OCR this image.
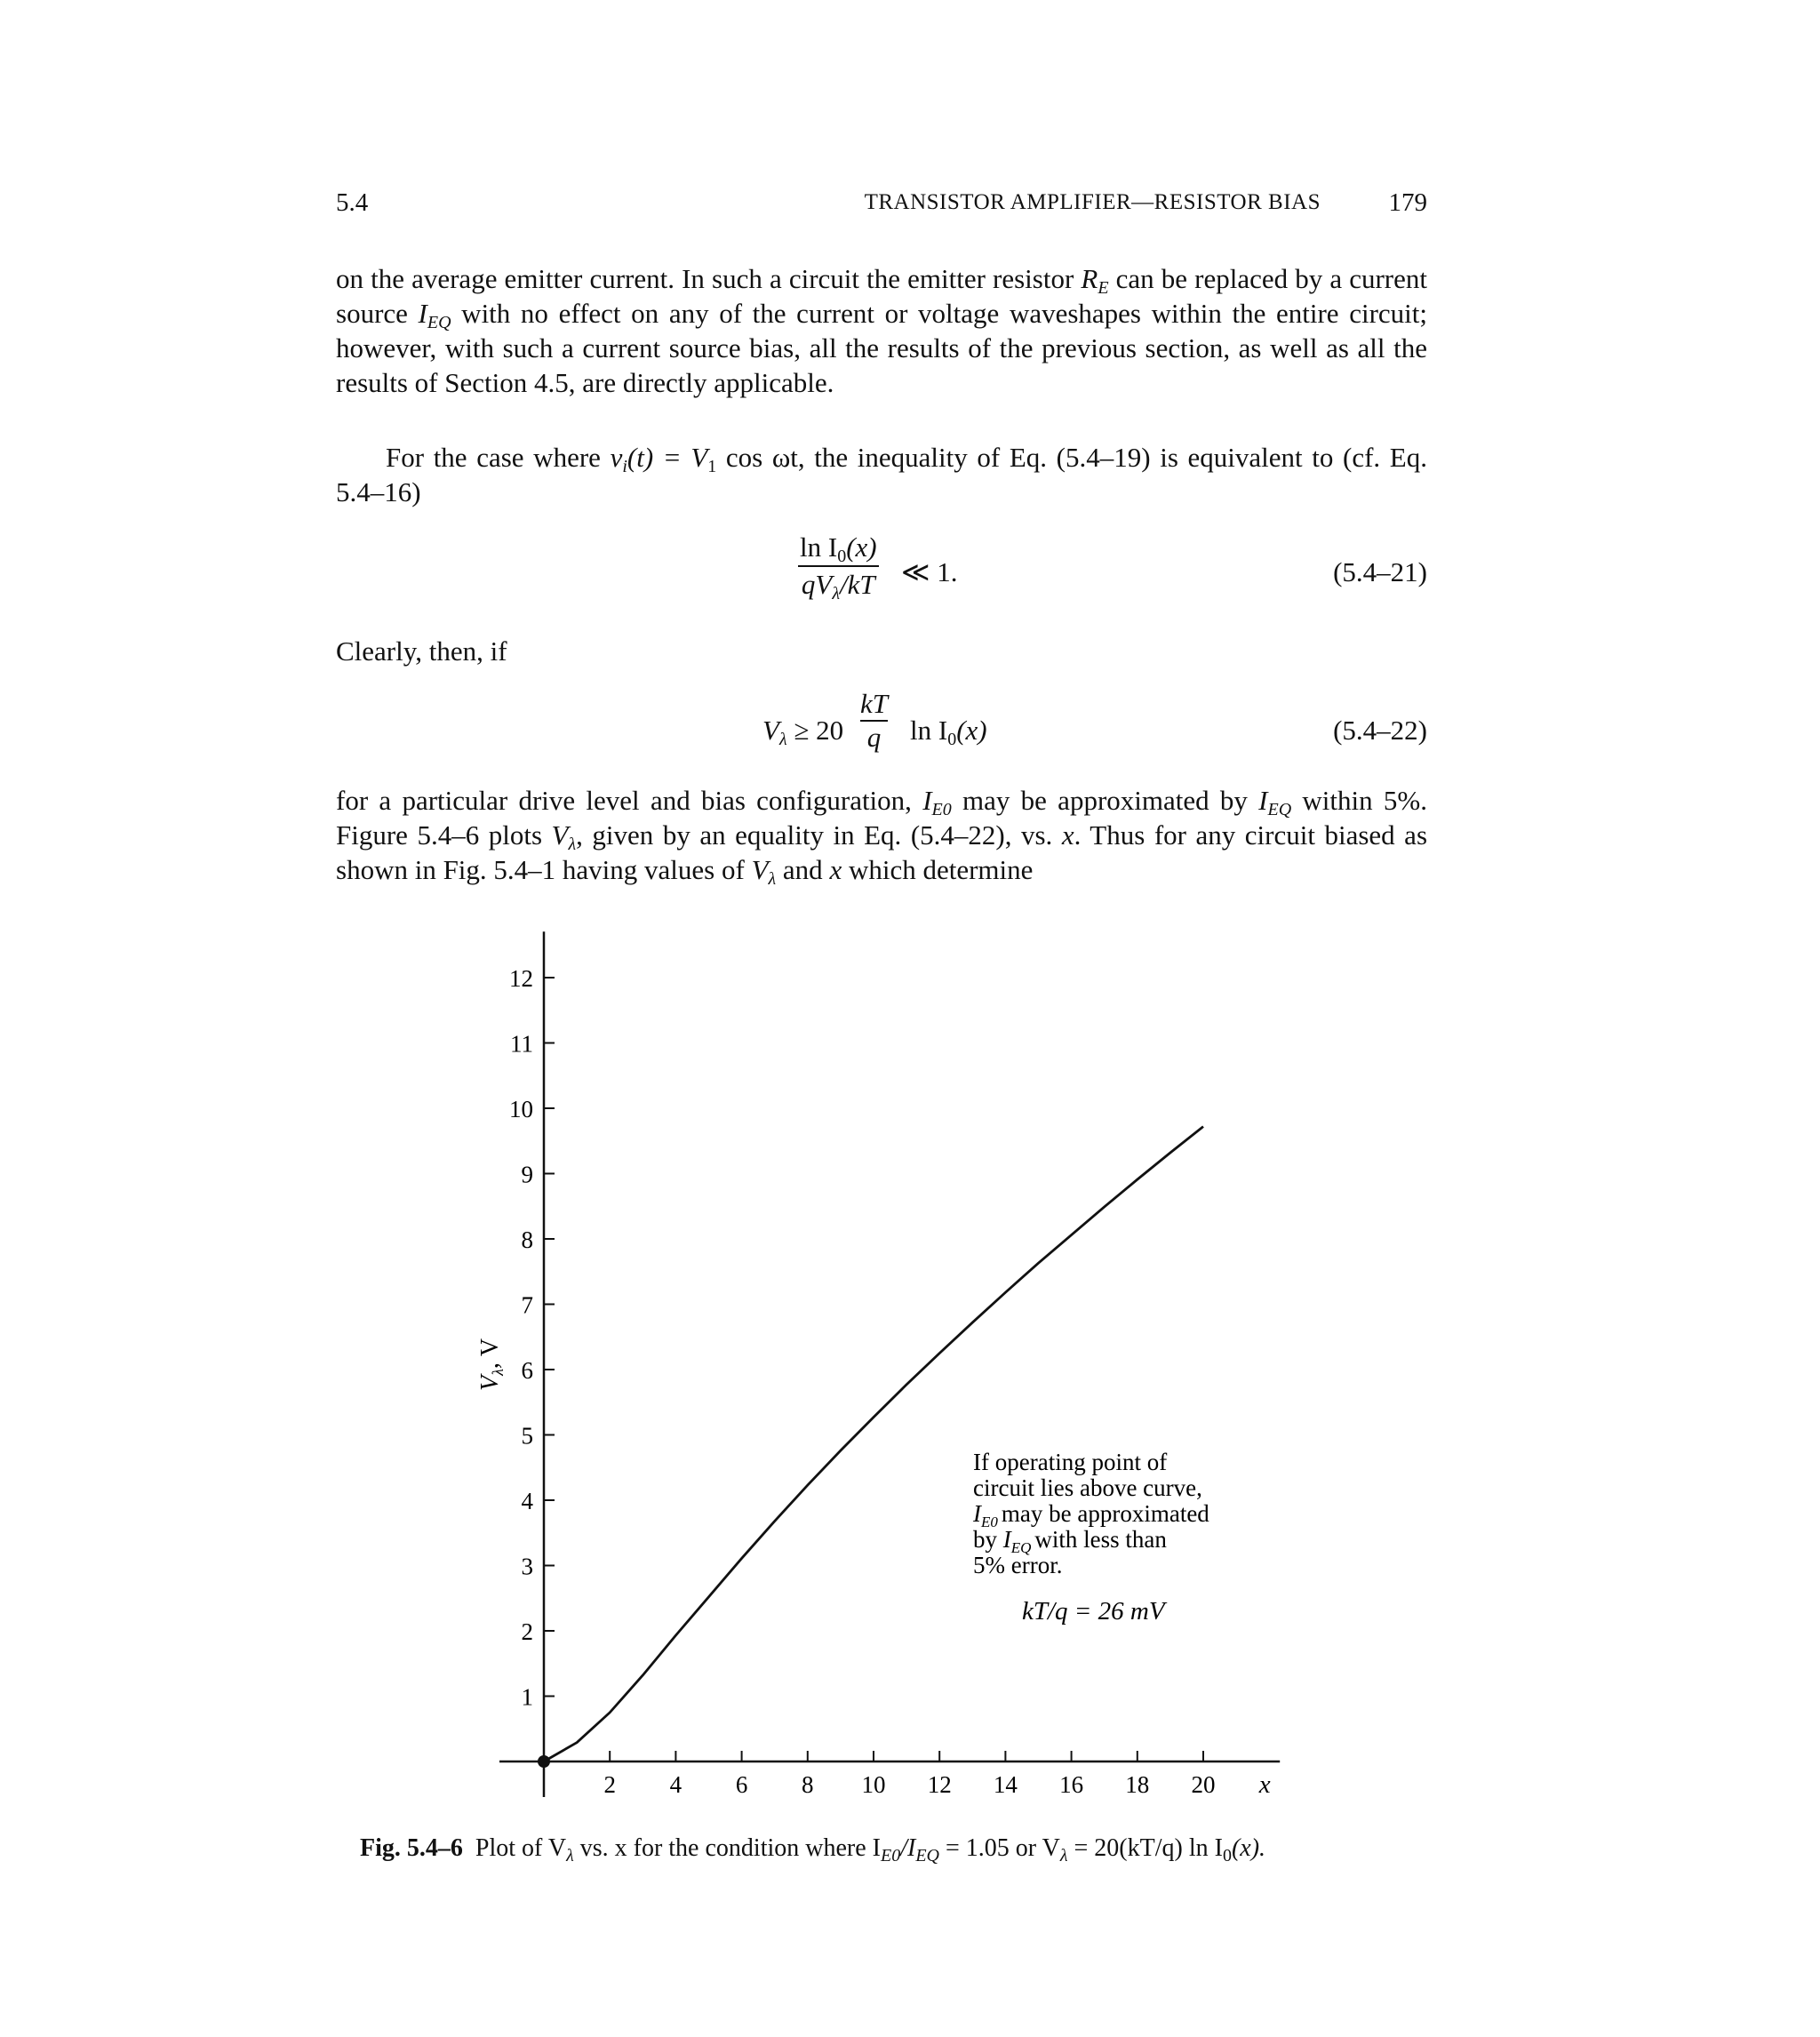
5.4	TRANSISTOR AMPLIFIER—RESISTOR BIAS	179

on the average emitter current. In such a circuit the emitter resistor $R_E$ can be replaced by a current source $I_{EQ}$ with no effect on any of the current or voltage waveshapes within the entire circuit; however, with such a current source bias, all the results of the previous section, as well as all the results of Section 4.5, are directly applicable.

For the case where $v_i(t) = V_1$ cos ωt, the inequality of Eq. (5.4–19) is equivalent to (cf. Eq. 5.4–16)

$\ln I_0(x)$
$qV_\lambda/kT$ ≪ 1.	(5.4–21)

Clearly, then, if

$V_\lambda \ge 20 \frac{kT}{q}$ $\ln I_0(x)$	(5.4–22)

for a particular drive level and bias configuration, $I_{E0}$ may be approximated by $I_{EQ}$ within 5%. Figure 5.4–6 plots $V_\lambda$, given by an equality in Eq. (5.4–22), vs. x. Thus for any circuit biased as shown in Fig. 5.4–1 having values of $V_\lambda$ and x which determine

1
2
3
4
5
6
7
8
9
10
11
12
2 4 6 8 10 12 14 16 18 20 x
$V_\lambda$, V
If operating point of
circuit lies above curve,
$I_{E0}$ may be approximated
by $I_{EQ}$ with less than
5% error.
kT/q = 26 mV
Fig. 5.4–6 Plot of $V_\lambda$ vs. x for the condition where $I_{E0}/I_{EQ} = 1.05$ or $V_\lambda = 20(kT/q)$ $\ln I_0(x)$.
